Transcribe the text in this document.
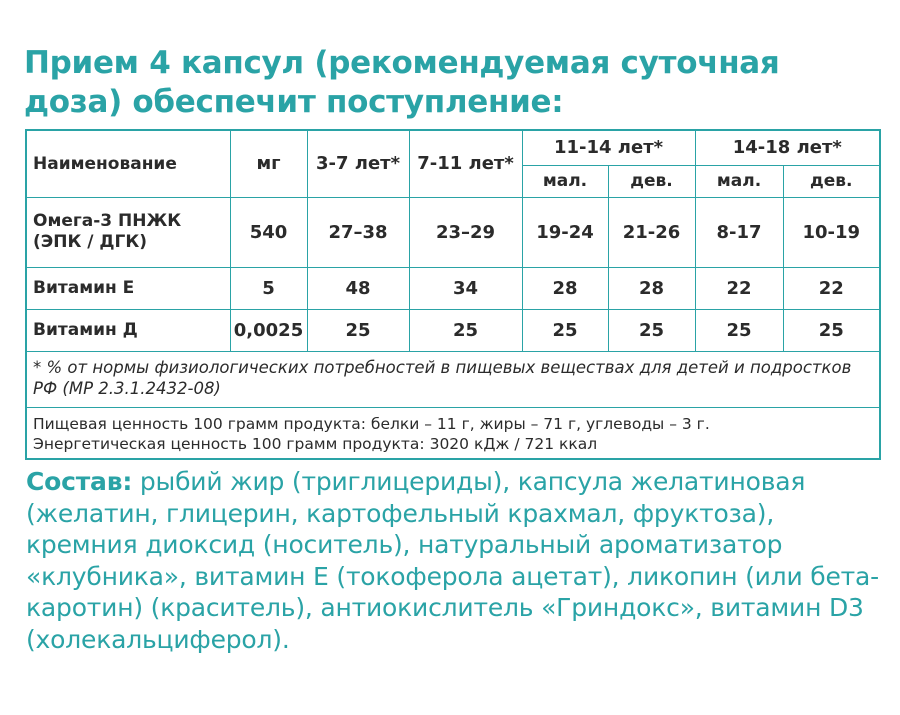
Прием 4 капсул (рекомендуемая суточная доза) обеспечит поступление:
Наименование	мг	3-7 лет*	7-11 лет*	11-14 лет*		14-18 лет*	
				мал.	дев.	мал.	дев.
Омега-3 ПНЖК (ЭПК / ДГК)	540	27–38	23–29	19-24	21-26	8-17	10-19
Витамин Е	5	48	34	28	28	22	22
Витамин Д	0,0025	25	25	25	25	25	25
* % от нормы физиологических потребностей в пищевых веществах для детей и подростков РФ (МР 2.3.1.2432-08)
Пищевая ценность 100 грамм продукта: белки – 11 г, жиры – 71 г, углеводы – 3 г.
Энергетическая ценность 100 грамм продукта: 3020 кДж / 721 ккал
Состав: рыбий жир (триглицериды), капсула желатиновая (желатин, глицерин, картофельный крахмал, фруктоза), кремния диоксид (носитель), натуральный ароматизатор «клубника», витамин Е (токоферола ацетат), ликопин (или бета-каротин) (краситель), антиокислитель «Гриндокс», витамин D3 (холекальциферол).
